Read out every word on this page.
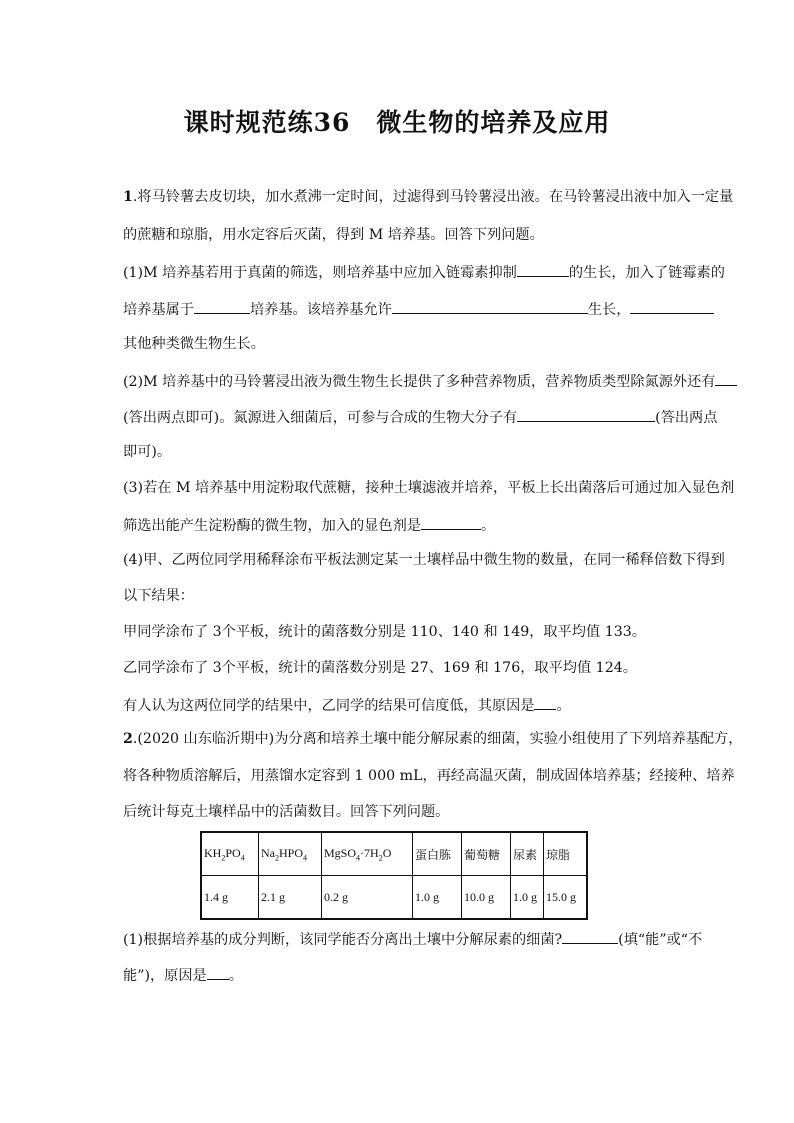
课时规范练36　微生物的培养及应用
1.将马铃薯去皮切块，加水煮沸一定时间，过滤得到马铃薯浸出液。在马铃薯浸出液中加入一定量
的蔗糖和琼脂，用水定容后灭菌，得到 M 培养基。回答下列问题。
(1)M 培养基若用于真菌的筛选，则培养基中应加入链霉素抑制	的生长，加入了链霉素的
培养基属于	培养基。该培养基允许	生长，
其他种类微生物生长。
(2)M 培养基中的马铃薯浸出液为微生物生长提供了多种营养物质，营养物质类型除氮源外还有
(答出两点即可)。氮源进入细菌后，可参与合成的生物大分子有	(答出两点
即可)。
(3)若在 M 培养基中用淀粉取代蔗糖，接种土壤滤液并培养，平板上长出菌落后可通过加入显色剂
筛选出能产生淀粉酶的微生物，加入的显色剂是	。
(4)甲、乙两位同学用稀释涂布平板法测定某一土壤样品中微生物的数量，在同一稀释倍数下得到
以下结果：
甲同学涂布了 3个平板，统计的菌落数分别是 110、140 和 149，取平均值 133。
乙同学涂布了 3个平板，统计的菌落数分别是 27、169 和 176，取平均值 124。
有人认为这两位同学的结果中，乙同学的结果可信度低，其原因是 。
2.(2020 山东临沂期中)为分离和培养土壤中能分解尿素的细菌，实验小组使用了下列培养基配方，
将各种物质溶解后，用蒸馏水定容到 1 000 mL，再经高温灭菌，制成固体培养基；经接种、培养
后统计每克土壤样品中的活菌数目。回答下列问题。
$KH_2PO_4$	$Na_2HPO_4$	$MgSO_4\cdot 7H_2O$	蛋白胨	葡萄糖	尿素	琼脂
1.4 g	2.1 g	0.2 g	1.0 g	10.0 g	1.0 g	15.0 g
(1)根据培养基的成分判断，该同学能否分离出土壤中分解尿素的细菌?	(填“能”或“不
能”)，原因是 。
